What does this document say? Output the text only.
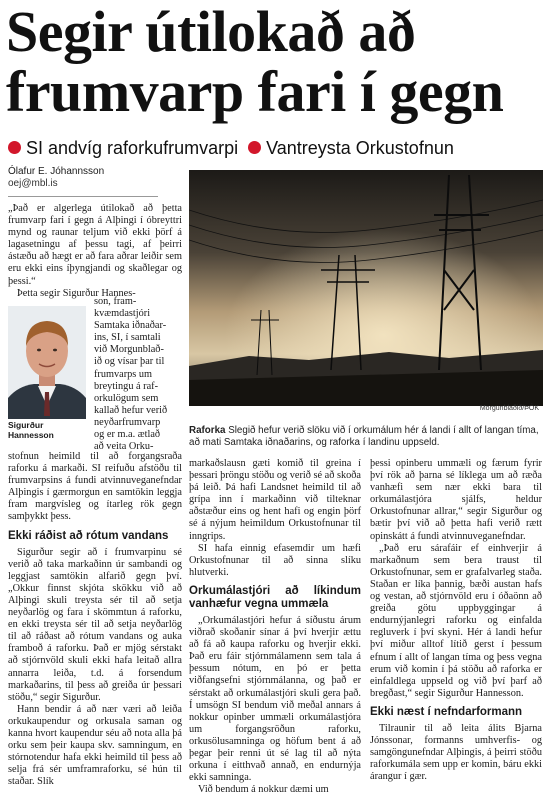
Segir útilokað að frumvarp fari í gegn
SI andvíg raforkufrumvarpi Vantreysta Orkustofnun
Ólafur E. Jóhannsson
oej@mbl.is

„Það er algerlega útilokað að þetta frumvarp fari í gegn á Alþingi í óbreyttri mynd og raunar teljum við ekki þörf á lagasetningu af þessu tagi, af þeirri ástæðu að hægt er að fara aðrar leiðir sem eru ekki eins íþyngjandi og skaðlegar og þessi.“

Þetta segir Sigurður Hannes-

Sigurður
Hannesson
son, fram-
kvæmdastjóri
Samtaka iðnaðar-
ins, SI, í samtali
við Morgunblað-
ið og vísar þar til
frumvarps um
breytingu á raf-
orkulögum sem
kallað hefur verið
neyðarfrumvarp
og er m.a. ætlað
að veita Orku-

stofnun heimild til að forgangsraða raforku á markaði. SI reifuðu afstöðu til frumvarpsins á fundi atvinnuveganefndar Alþingis í gærmorgun en samtökin leggja fram margvísleg og ítarleg rök gegn samþykkt þess.

Ekki ráðist að rótum vandans

Sigurður segir að í frumvarpinu sé verið að taka markaðinn úr sambandi og leggjast samtökin alfarið gegn því. „Okkur finnst skjóta skökku við að Alþingi skuli treysta sér til að setja neyðarlög og fara í skömmtun á raforku, en ekki treysta sér til að setja neyðarlög til að ráðast að rótum vandans og auka framboð á raforku. Það er mjög sérstakt að stjórnvöld skuli ekki hafa leitað allra annarra leiða, t.d. á forsendum markaðarins, til þess að greiða úr þessari stöðu,“ segir Sigurður.

Hann bendir á að nær væri að leiða orkukaupendur og orkusala saman og kanna hvort kaupendur séu að nota alla þá orku sem þeir kaupa skv. samningum, en stórnotendur hafa ekki heimild til þess að selja frá sér umframraforku, sé hún til staðar. Slík

Morgunblaðið/ÞÓK
Raforka Slegið hefur verið slöku við í orkumálum hér á landi í allt of langan tíma, að mati Samtaka iðnaðarins, og raforka í landinu uppseld.

markaðslausn gæti komið til greina í þessari þröngu stöðu og verið sé að skoða þá leið. Þá hafi Landsnet heimild til að grípa inn í markaðinn við tilteknar aðstæður eins og hent hafi og engin þörf sé á nýjum heimildum Orkustofnunar til inngrips.

SI hafa einnig efasemdir um hæfi Orkustofnunar til að sinna slíku hlutverki.

Orkumálastjóri að líkindum vanhæfur vegna ummæla

„Orkumálastjóri hefur á síðustu árum viðrað skoðanir sínar á því hverjir ættu að fá að kaupa raforku og hverjir ekki. Það eru fáir stjórnmálamenn sem tala á þessum nótum, en þó er þetta viðfangsefni stjórnmálanna, og það er sérstakt að orkumálastjóri skuli gera það. Í umsögn SI bendum við meðal annars á nokkur opinber ummæli orkumálastjóra um forgangsröðun raforku, orkusölusamninga og höfum bent á að þegar þeir renni út sé lag til að nýta orkuna í eitthvað annað, en endurnýja ekki samninga.

Við bendum á nokkur dæmi um

þessi opinberu ummæli og færum fyrir því rök að þarna sé líklega um að ræða vanhæfi sem nær ekki bara til orkumálastjóra sjálfs, heldur Orkustofnunar allrar,“ segir Sigurður og bætir því við að þetta hafi verið rætt opinskátt á fundi atvinnuveganefndar.

„Það eru sárafáir ef einhverjir á markaðnum sem bera traust til Orkustofnunar, sem er grafalvarleg staða. Staðan er líka þannig, bæði austan hafs og vestan, að stjórnvöld eru í óðaönn að greiða götu uppbyggingar á endurnýjanlegri raforku og einfalda regluverk í því skyni. Hér á landi hefur því miður alltof lítið gerst í þessum efnum í allt of langan tíma og þess vegna erum við komin í þá stöðu að raforka er einfaldlega uppseld og við því þarf að bregðast,“ segir Sigurður Hannesson.

Ekki næst í nefndarformann

Tilraunir til að leita álits Bjarna Jónssonar, formanns umhverfis- og samgöngunefndar Alþingis, á þeirri stöðu raforkumála sem upp er komin, báru ekki árangur í gær.
